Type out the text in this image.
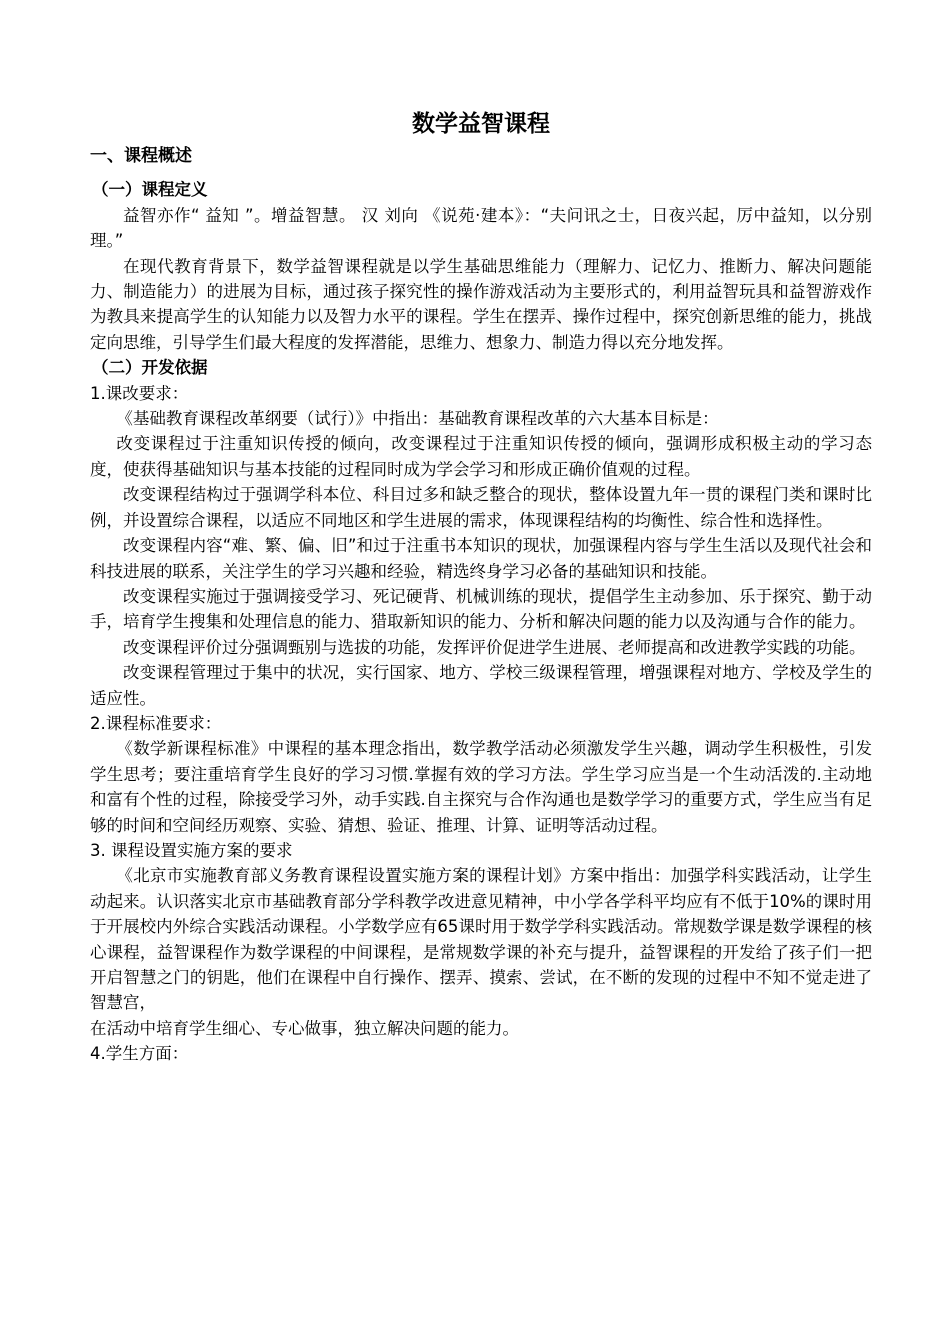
数学益智课程
一、课程概述
（一）课程定义

益智亦作“ 益知 ”。增益智慧。 汉 刘向 《说苑·建本》：“夫问讯之士，日夜兴起，厉中益知，以分别理。”

在现代教育背景下，数学益智课程就是以学生基础思维能力（理解力、记忆力、推断力、解决问题能力、制造能力）的进展为目标，通过孩子探究性的操作游戏活动为主要形式的，利用益智玩具和益智游戏作为教具来提高学生的认知能力以及智力水平的课程。学生在摆弄、操作过程中，探究创新思维的能力，挑战定向思维，引导学生们最大程度的发挥潜能，思维力、想象力、制造力得以充分地发挥。

（二）开发依据
1.课改要求：

《基础教育课程改革纲要（试行）》中指出：基础教育课程改革的六大基本目标是：

改变课程过于注重知识传授的倾向，改变课程过于注重知识传授的倾向，强调形成积极主动的学习态度，使获得基础知识与基本技能的过程同时成为学会学习和形成正确价值观的过程。

改变课程结构过于强调学科本位、科目过多和缺乏整合的现状，整体设置九年一贯的课程门类和课时比例，并设置综合课程，以适应不同地区和学生进展的需求，体现课程结构的均衡性、综合性和选择性。

改变课程内容“难、繁、偏、旧”和过于注重书本知识的现状，加强课程内容与学生生活以及现代社会和科技进展的联系，关注学生的学习兴趣和经验，精选终身学习必备的基础知识和技能。

改变课程实施过于强调接受学习、死记硬背、机械训练的现状，提倡学生主动参加、乐于探究、勤于动手，培育学生搜集和处理信息的能力、猎取新知识的能力、分析和解决问题的能力以及沟通与合作的能力。

改变课程评价过分强调甄别与选拔的功能，发挥评价促进学生进展、老师提高和改进教学实践的功能。

改变课程管理过于集中的状况，实行国家、地方、学校三级课程管理，增强课程对地方、学校及学生的适应性。

2.课程标准要求：

《数学新课程标准》中课程的基本理念指出，数学教学活动必须激发学生兴趣，调动学生积极性，引发学生思考；要注重培育学生良好的学习习惯.掌握有效的学习方法。学生学习应当是一个生动活泼的.主动地和富有个性的过程，除接受学习外，动手实践.自主探究与合作沟通也是数学学习的重要方式，学生应当有足够的时间和空间经历观察、实验、猜想、验证、推理、计算、证明等活动过程。

3. 课程设置实施方案的要求

《北京市实施教育部义务教育课程设置实施方案的课程计划》方案中指出：加强学科实践活动，让学生动起来。认识落实北京市基础教育部分学科教学改进意见精神，中小学各学科平均应有不低于10%的课时用于开展校内外综合实践活动课程。小学数学应有65课时用于数学学科实践活动。常规数学课是数学课程的核心课程，益智课程作为数学课程的中间课程，是常规数学课的补充与提升，益智课程的开发给了孩子们一把开启智慧之门的钥匙，他们在课程中自行操作、摆弄、摸索、尝试，在不断的发现的过程中不知不觉走进了智慧宫，

在活动中培育学生细心、专心做事，独立解决问题的能力。

4.学生方面：
